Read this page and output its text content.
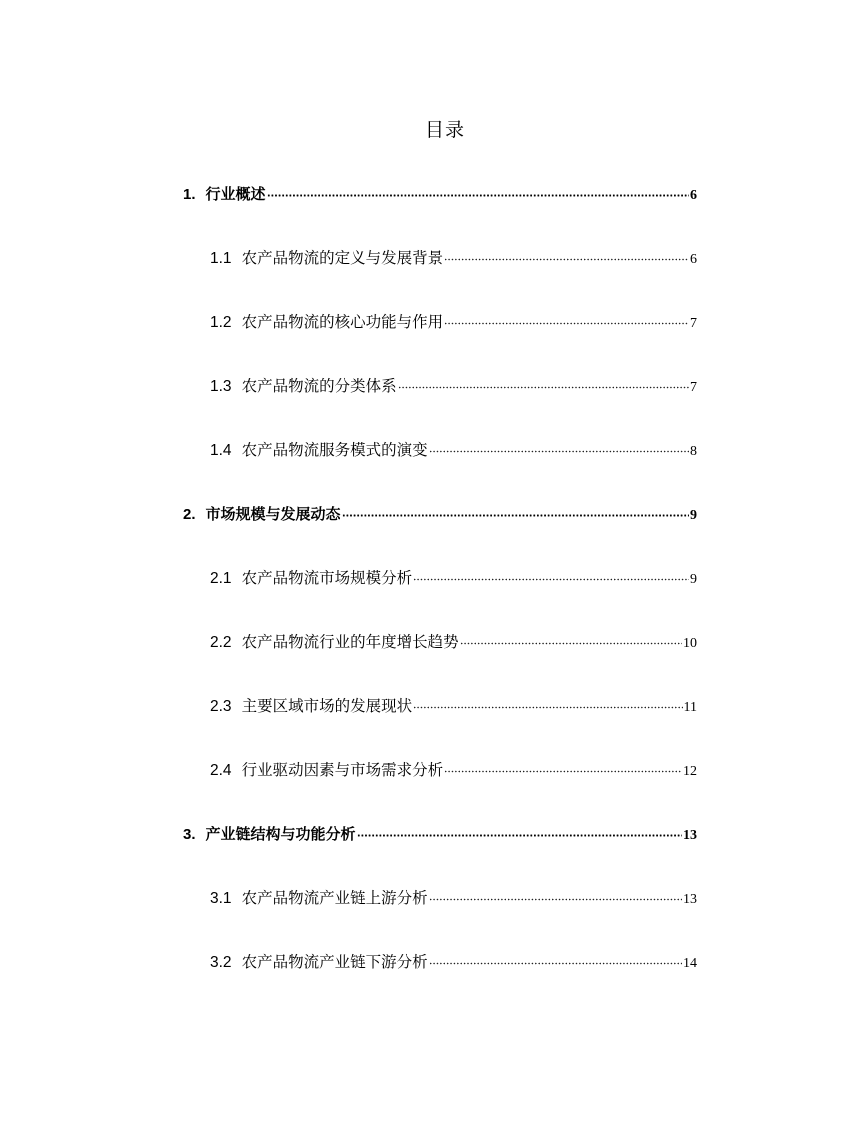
目录
1. 行业概述	6
1.1 农产品物流的定义与发展背景	6
1.2 农产品物流的核心功能与作用	7
1.3 农产品物流的分类体系	7
1.4 农产品物流服务模式的演变	8
2. 市场规模与发展动态	9
2.1 农产品物流市场规模分析	9
2.2 农产品物流行业的年度增长趋势	10
2.3 主要区域市场的发展现状	11
2.4 行业驱动因素与市场需求分析	12
3. 产业链结构与功能分析	13
3.1 农产品物流产业链上游分析	13
3.2 农产品物流产业链下游分析	14
